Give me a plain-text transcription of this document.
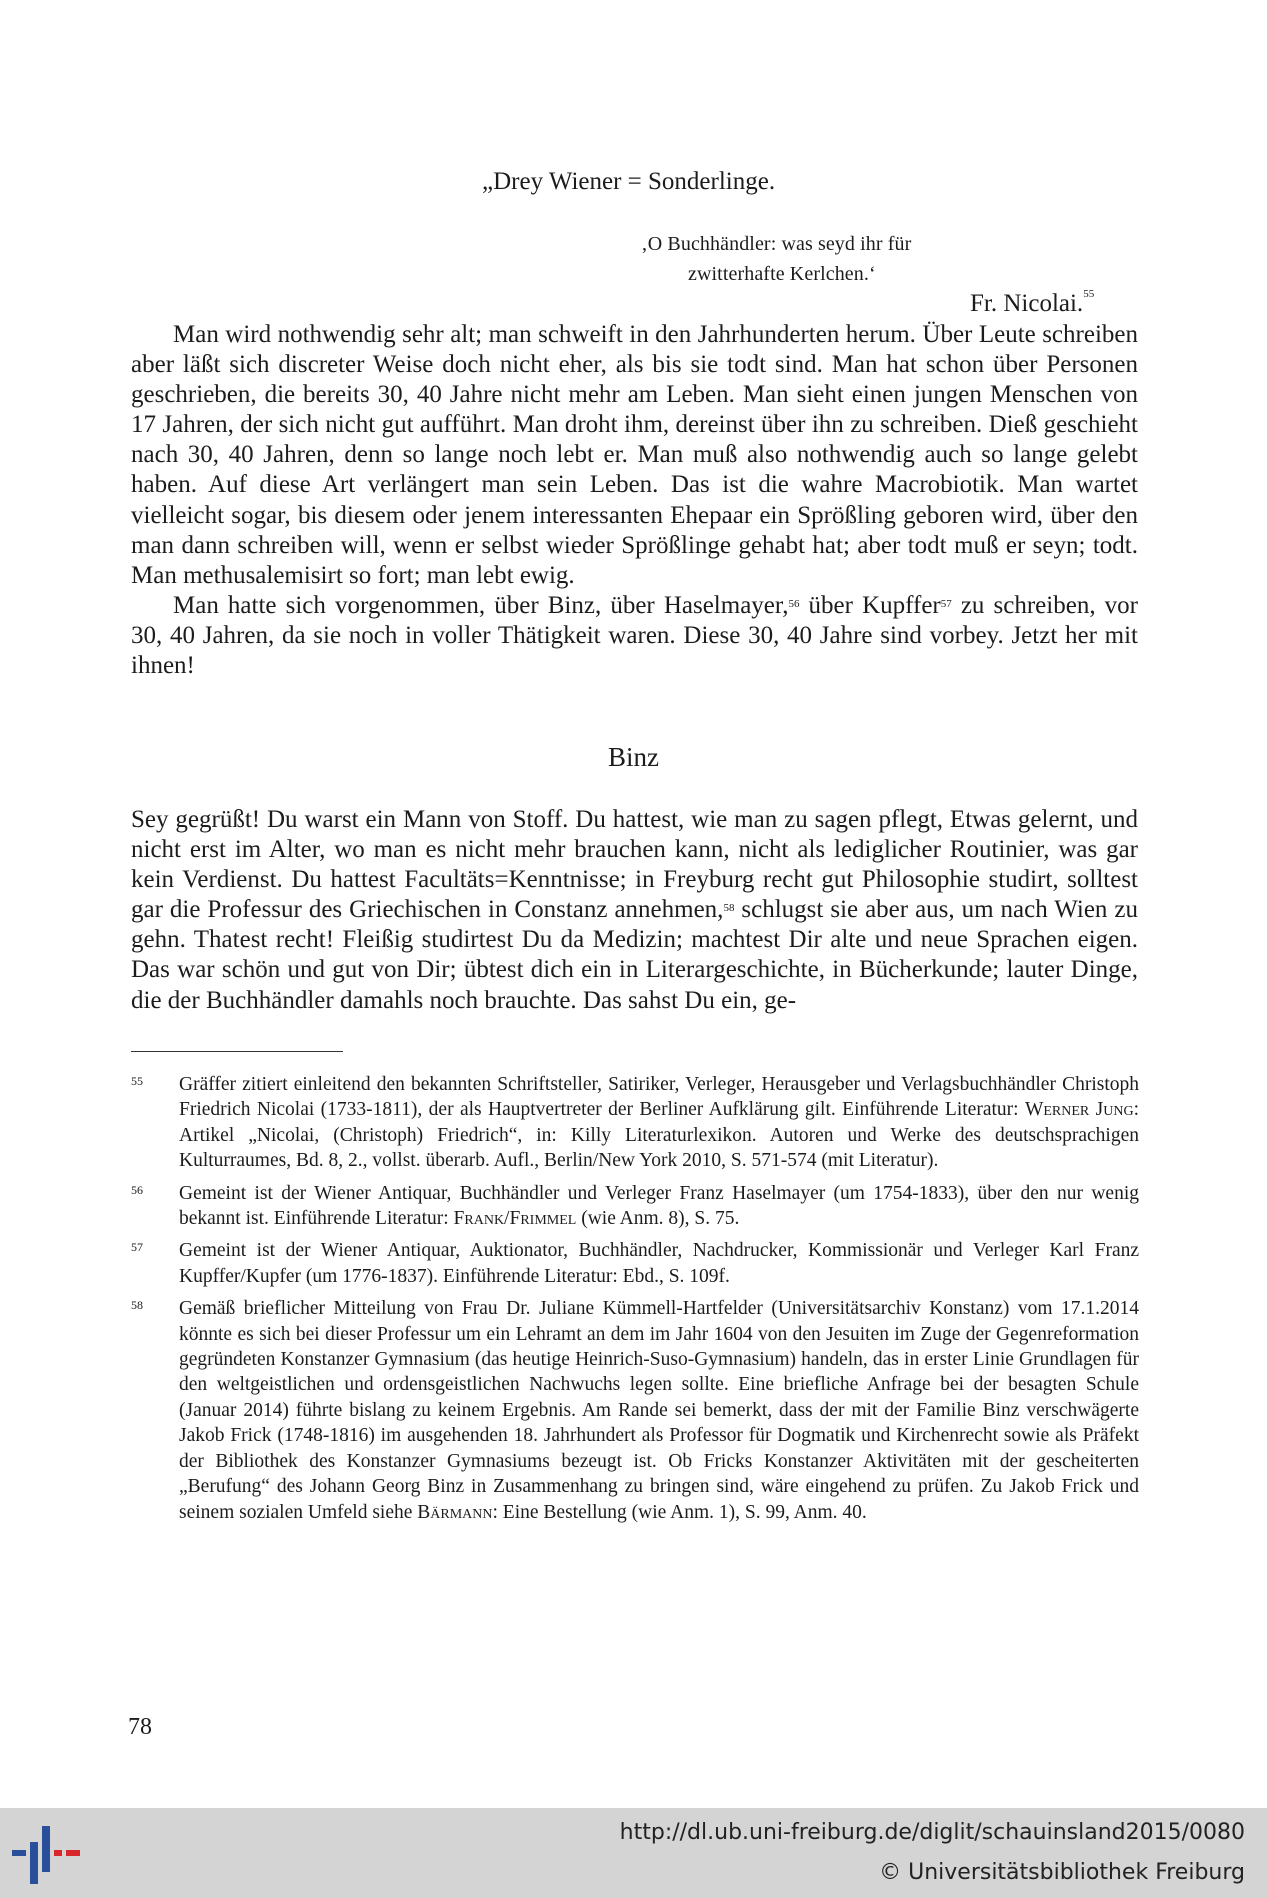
„Drey Wiener = Sonderlinge.
‚O Buchhändler: was seyd ihr für
zwitterhafte Kerlchen.‘
Fr. Nicolai.$^{55}$

Man wird nothwendig sehr alt; man schweift in den Jahrhunderten herum. Über Leute schreiben aber läßt sich discreter Weise doch nicht eher, als bis sie todt sind. Man hat schon über Personen geschrieben, die bereits 30, 40 Jahre nicht mehr am Leben. Man sieht einen jungen Menschen von 17 Jahren, der sich nicht gut aufführt. Man droht ihm, dereinst über ihn zu schreiben. Dieß geschieht nach 30, 40 Jahren, denn so lange noch lebt er. Man muß also nothwendig auch so lange gelebt haben. Auf diese Art verlängert man sein Leben. Das ist die wahre Macrobiotik. Man wartet vielleicht sogar, bis diesem oder jenem interessanten Ehepaar ein Sprößling geboren wird, über den man dann schreiben will, wenn er selbst wieder Sprößlinge gehabt hat; aber todt muß er seyn; todt. Man methusalemisirt so fort; man lebt ewig.

Man hatte sich vorgenommen, über Binz, über Haselmayer,$^{56}$ über Kupffer$^{57}$ zu schreiben, vor 30, 40 Jahren, da sie noch in voller Thätigkeit waren. Diese 30, 40 Jahre sind vorbey. Jetzt her mit ihnen!

Binz

Sey gegrüßt! Du warst ein Mann von Stoff. Du hattest, wie man zu sagen pflegt, Etwas gelernt, und nicht erst im Alter, wo man es nicht mehr brauchen kann, nicht als lediglicher Routinier, was gar kein Verdienst. Du hattest Facultäts=Kenntnisse; in Freyburg recht gut Philosophie studirt, solltest gar die Professur des Griechischen in Constanz annehmen,$^{58}$ schlugst sie aber aus, um nach Wien zu gehn. Thatest recht! Fleißig studirtest Du da Medizin; machtest Dir alte und neue Sprachen eigen. Das war schön und gut von Dir; übtest dich ein in Literargeschichte, in Bücherkunde; lauter Dinge, die der Buchhändler damahls noch brauchte. Das sahst Du ein, ge-

55 Gräffer zitiert einleitend den bekannten Schriftsteller, Satiriker, Verleger, Herausgeber und Verlagsbuchhändler Christoph Friedrich Nicolai (1733-1811), der als Hauptvertreter der Berliner Aufklärung gilt. Einführende Literatur: Werner Jung: Artikel „Nicolai, (Christoph) Friedrich“, in: Killy Literaturlexikon. Autoren und Werke des deutschsprachigen Kulturraumes, Bd. 8, 2., vollst. überarb. Aufl., Berlin/New York 2010, S. 571-574 (mit Literatur).
56 Gemeint ist der Wiener Antiquar, Buchhändler und Verleger Franz Haselmayer (um 1754-1833), über den nur wenig bekannt ist. Einführende Literatur: Frank/Frimmel (wie Anm. 8), S. 75.
57 Gemeint ist der Wiener Antiquar, Auktionator, Buchhändler, Nachdrucker, Kommissionär und Verleger Karl Franz Kupffer/Kupfer (um 1776-1837). Einführende Literatur: Ebd., S. 109f.
58 Gemäß brieflicher Mitteilung von Frau Dr. Juliane Kümmell-Hartfelder (Universitätsarchiv Konstanz) vom 17.1.2014 könnte es sich bei dieser Professur um ein Lehramt an dem im Jahr 1604 von den Jesuiten im Zuge der Gegenreformation gegründeten Konstanzer Gymnasium (das heutige Heinrich-Suso-Gymnasium) handeln, das in erster Linie Grundlagen für den weltgeistlichen und ordensgeistlichen Nachwuchs legen sollte. Eine briefliche Anfrage bei der besagten Schule (Januar 2014) führte bislang zu keinem Ergebnis. Am Rande sei bemerkt, dass der mit der Familie Binz verschwägerte Jakob Frick (1748-1816) im ausgehenden 18. Jahrhundert als Professor für Dogmatik und Kirchenrecht sowie als Präfekt der Bibliothek des Konstanzer Gymnasiums bezeugt ist. Ob Fricks Konstanzer Aktivitäten mit der gescheiterten „Berufung“ des Johann Georg Binz in Zusammenhang zu bringen sind, wäre eingehend zu prüfen. Zu Jakob Frick und seinem sozialen Umfeld siehe Bärmann: Eine Bestellung (wie Anm. 1), S. 99, Anm. 40.
78
http://dl.ub.uni-freiburg.de/diglit/schauinsland2015/0080
© Universitätsbibliothek Freiburg
